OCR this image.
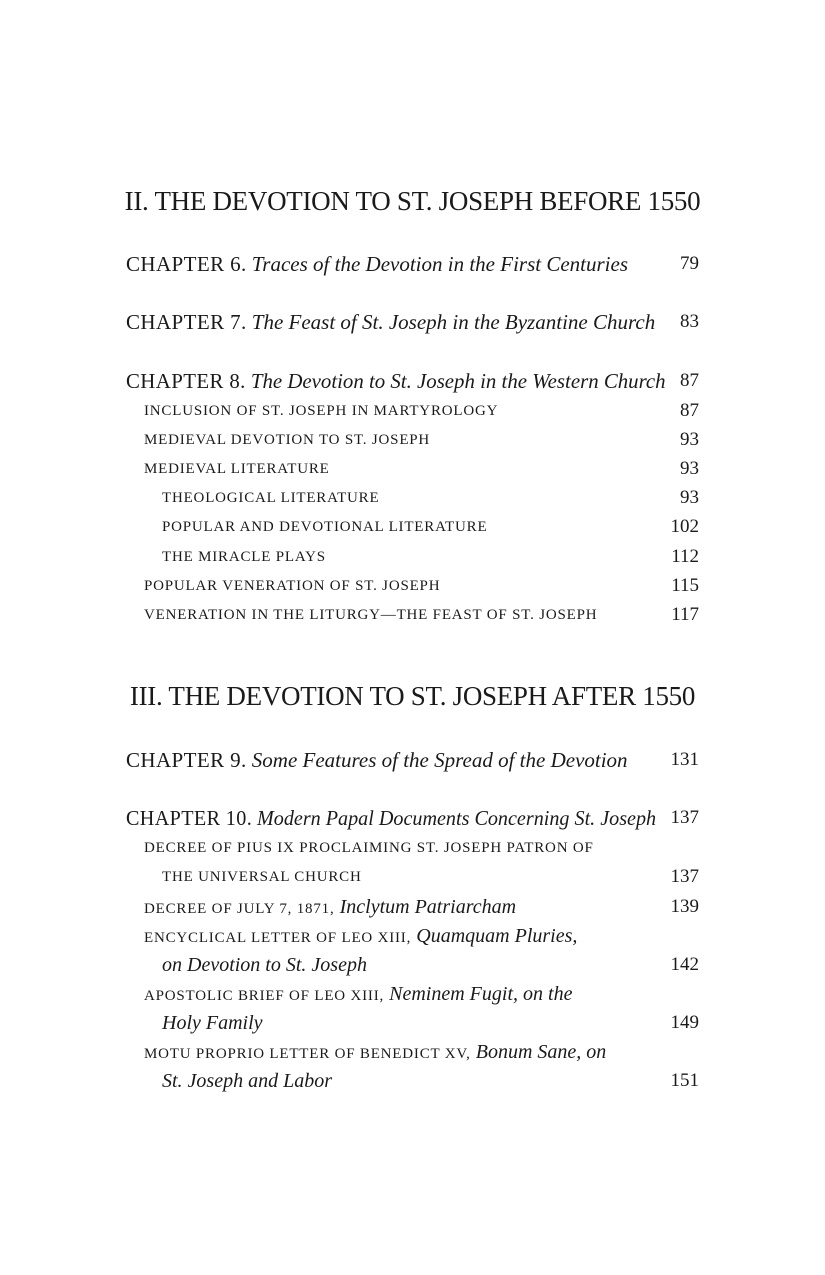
II. THE DEVOTION TO ST. JOSEPH BEFORE 1550
CHAPTER 6. Traces of the Devotion in the First Centuries	79
CHAPTER 7. The Feast of St. Joseph in the Byzantine Church 83
CHAPTER 8. The Devotion to St. Joseph in the Western Church 87
INCLUSION OF ST. JOSEPH IN MARTYROLOGY	87
MEDIEVAL DEVOTION TO ST. JOSEPH	93
MEDIEVAL LITERATURE	93
THEOLOGICAL LITERATURE	93
POPULAR AND DEVOTIONAL LITERATURE	102
THE MIRACLE PLAYS	112
POPULAR VENERATION OF ST. JOSEPH	115
VENERATION IN THE LITURGY—THE FEAST OF ST. JOSEPH	117
III. THE DEVOTION TO ST. JOSEPH AFTER 1550
CHAPTER 9. Some Features of the Spread of the Devotion 131
CHAPTER 10. Modern Papal Documents Concerning St. Joseph 137
DECREE OF PIUS IX PROCLAIMING ST. JOSEPH PATRON OF
THE UNIVERSAL CHURCH	137
DECREE OF JULY 7, 1871, Inclytum Patriarcham	139
ENCYCLICAL LETTER OF LEO XIII, Quamquam Pluries,
on Devotion to St. Joseph	142
APOSTOLIC BRIEF OF LEO XIII, Neminem Fugit, on the
Holy Family	149
MOTU PROPRIO LETTER OF BENEDICT XV, Bonum Sane, on
St. Joseph and Labor	151
